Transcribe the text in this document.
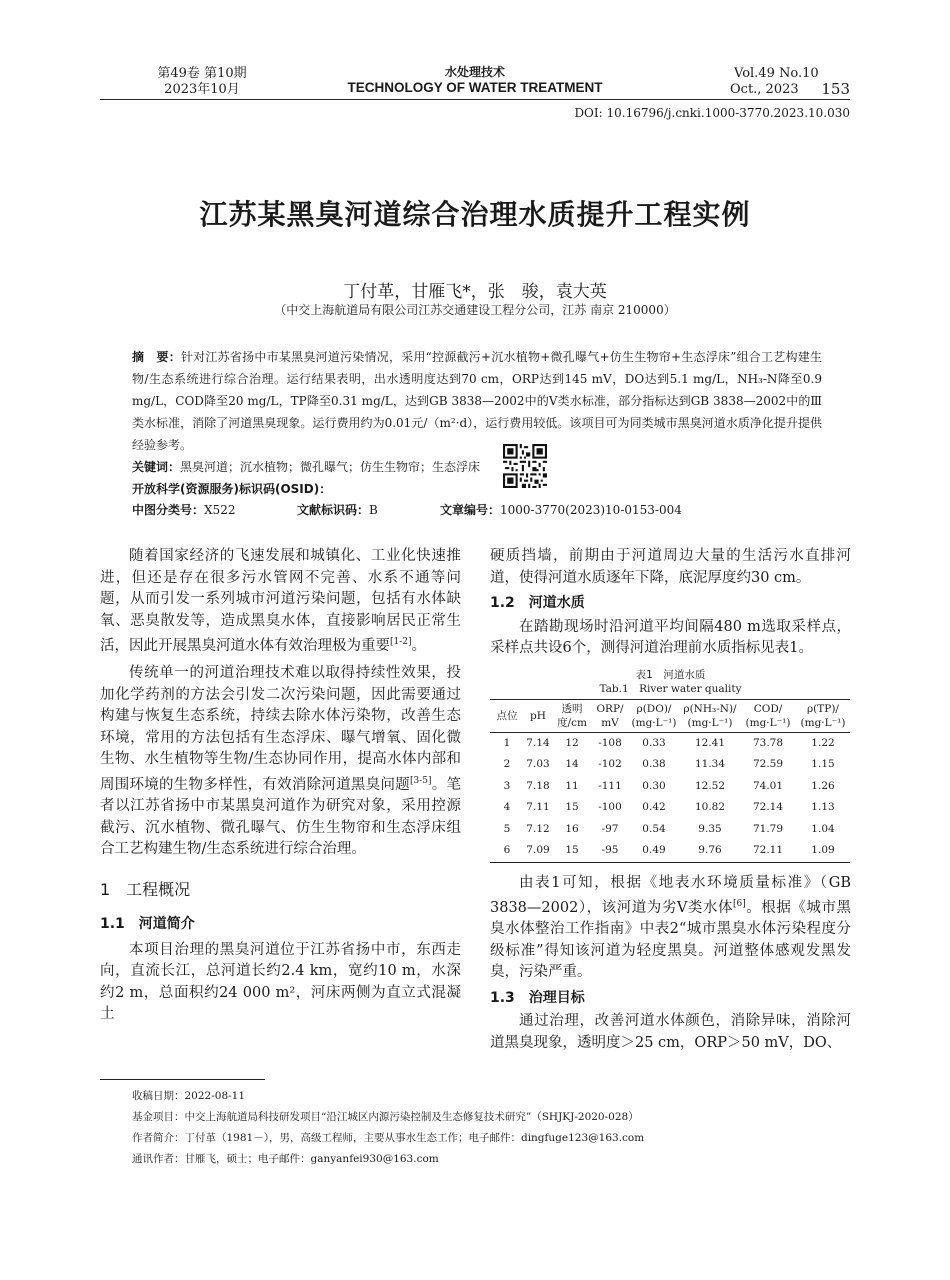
第49卷 第10期
2023年10月
水处理技术
TECHNOLOGY OF WATER TREATMENT
Vol.49 No.10
Oct., 2023 153
DOI: 10.16796/j.cnki.1000-3770.2023.10.030
江苏某黑臭河道综合治理水质提升工程实例
丁付革，甘雁飞*，张　骏，袁大英
（中交上海航道局有限公司江苏交通建设工程分公司，江苏 南京 210000）
摘　要：针对江苏省扬中市某黑臭河道污染情况，采用“控源截污+沉水植物+微孔曝气+仿生生物帘+生态浮床”组合工艺构建生物/生态系统进行综合治理。运行结果表明，出水透明度达到70 cm，ORP达到145 mV，DO达到5.1 mg/L，NH₃-N降至0.9 mg/L，COD降至20 mg/L，TP降至0.31 mg/L，达到GB 3838—2002中的V类水标准，部分指标达到GB 3838—2002中的Ⅲ类水标准，消除了河道黑臭现象。运行费用约为0.01元/（m²·d），运行费用较低。该项目可为同类城市黑臭河道水质净化提升提供经验参考。
关键词：黑臭河道；沉水植物；微孔曝气；仿生生物帘；生态浮床
开放科学(资源服务)标识码(OSID)：
中图分类号：X522	文献标识码：B	文章编号：1000-3770(2023)10-0153-004

随着国家经济的飞速发展和城镇化、工业化快速推进，但还是存在很多污水管网不完善、水系不通等问题，从而引发一系列城市河道污染问题，包括有水体缺氧、恶臭散发等，造成黑臭水体，直接影响居民正常生活，因此开展黑臭河道水体有效治理极为重要[1-2]。

传统单一的河道治理技术难以取得持续性效果，投加化学药剂的方法会引发二次污染问题，因此需要通过构建与恢复生态系统，持续去除水体污染物，改善生态环境，常用的方法包括有生态浮床、曝气增氧、固化微生物、水生植物等生物/生态协同作用，提高水体内部和周围环境的生物多样性，有效消除河道黑臭问题[3-5]。笔者以江苏省扬中市某黑臭河道作为研究对象，采用控源截污、沉水植物、微孔曝气、仿生生物帘和生态浮床组合工艺构建生物/生态系统进行综合治理。

1　工程概况
1.1　河道简介

本项目治理的黑臭河道位于江苏省扬中市，东西走向，直流长江，总河道长约2.4 km，宽约10 m，水深约2 m，总面积约24 000 m²，河床两侧为直立式混凝土

硬质挡墙，前期由于河道周边大量的生活污水直排河道，使得河道水质逐年下降，底泥厚度约30 cm。

1.2　河道水质

在踏勘现场时沿河道平均间隔480 m选取采样点，采样点共设6个，测得河道治理前水质指标见表1。

表1　河道水质
Tab.1　River water quality
点位	pH	透明
度/cm	ORP/
mV	ρ(DO)/
(mg·L⁻¹)	ρ(NH₃-N)/
(mg·L⁻¹)	COD/
(mg·L⁻¹)	ρ(TP)/
(mg·L⁻¹)
1	7.14	12	-108	0.33	12.41	73.78	1.22
2	7.03	14	-102	0.38	11.34	72.59	1.15
3	7.18	11	-111	0.30	12.52	74.01	1.26
4	7.11	15	-100	0.42	10.82	72.14	1.13
5	7.12	16	-97	0.54	9.35	71.79	1.04
6	7.09	15	-95	0.49	9.76	72.11	1.09

由表1可知，根据《地表水环境质量标准》（GB 3838—2002），该河道为劣V类水体[6]。根据《城市黑臭水体整治工作指南》中表2“城市黑臭水体污染程度分级标准”得知该河道为轻度黑臭。河道整体感观发黑发臭，污染严重。

1.3　治理目标

通过治理，改善河道水体颜色，消除异味，消除河道黑臭现象，透明度＞25 cm，ORP＞50 mV，DO、

收稿日期：2022-08-11
基金项目：中交上海航道局科技研发项目“沿江城区内源污染控制及生态修复技术研究”（SHJKJ-2020-028）
作者简介：丁付革（1981－），男，高级工程师，主要从事水生态工作；电子邮件：dingfuge123@163.com
通讯作者：甘雁飞，硕士；电子邮件：ganyanfei930@163.com
